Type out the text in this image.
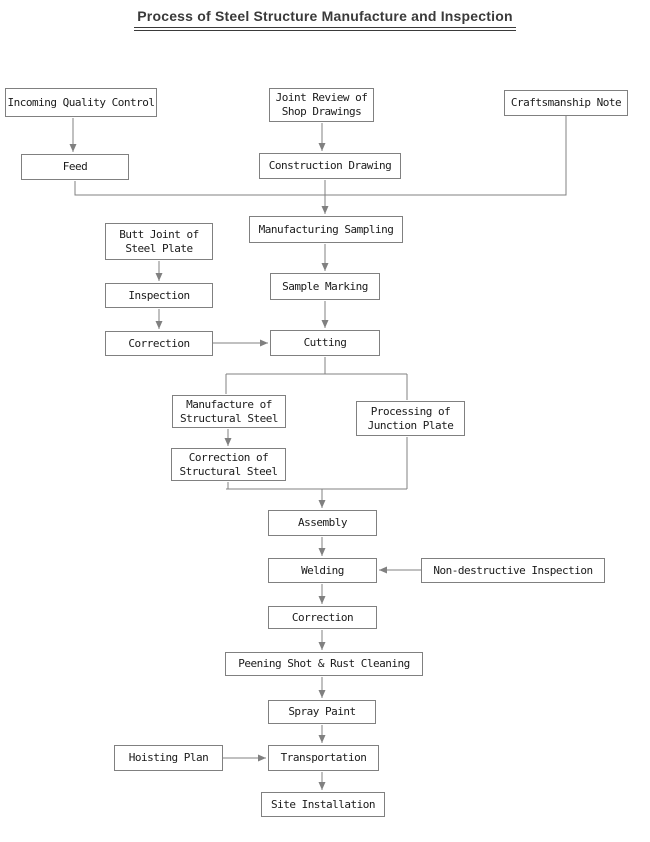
Process of Steel Structure Manufacture and Inspection
Incoming Quality Control	Joint Review of
Shop Drawings
Craftsmanship Note
Feed	Construction Drawing
Manufacturing Sampling
Butt Joint of
Steel Plate
Sample Marking
Inspection
Correction	Cutting
Manufacture of
Structural Steel
Processing of
Junction Plate
Correction of
Structural Steel
Assembly
Welding	Non-destructive Inspection
Correction
Peening Shot & Rust Cleaning
Spray Paint
Hoisting Plan	Transportation
Site Installation
